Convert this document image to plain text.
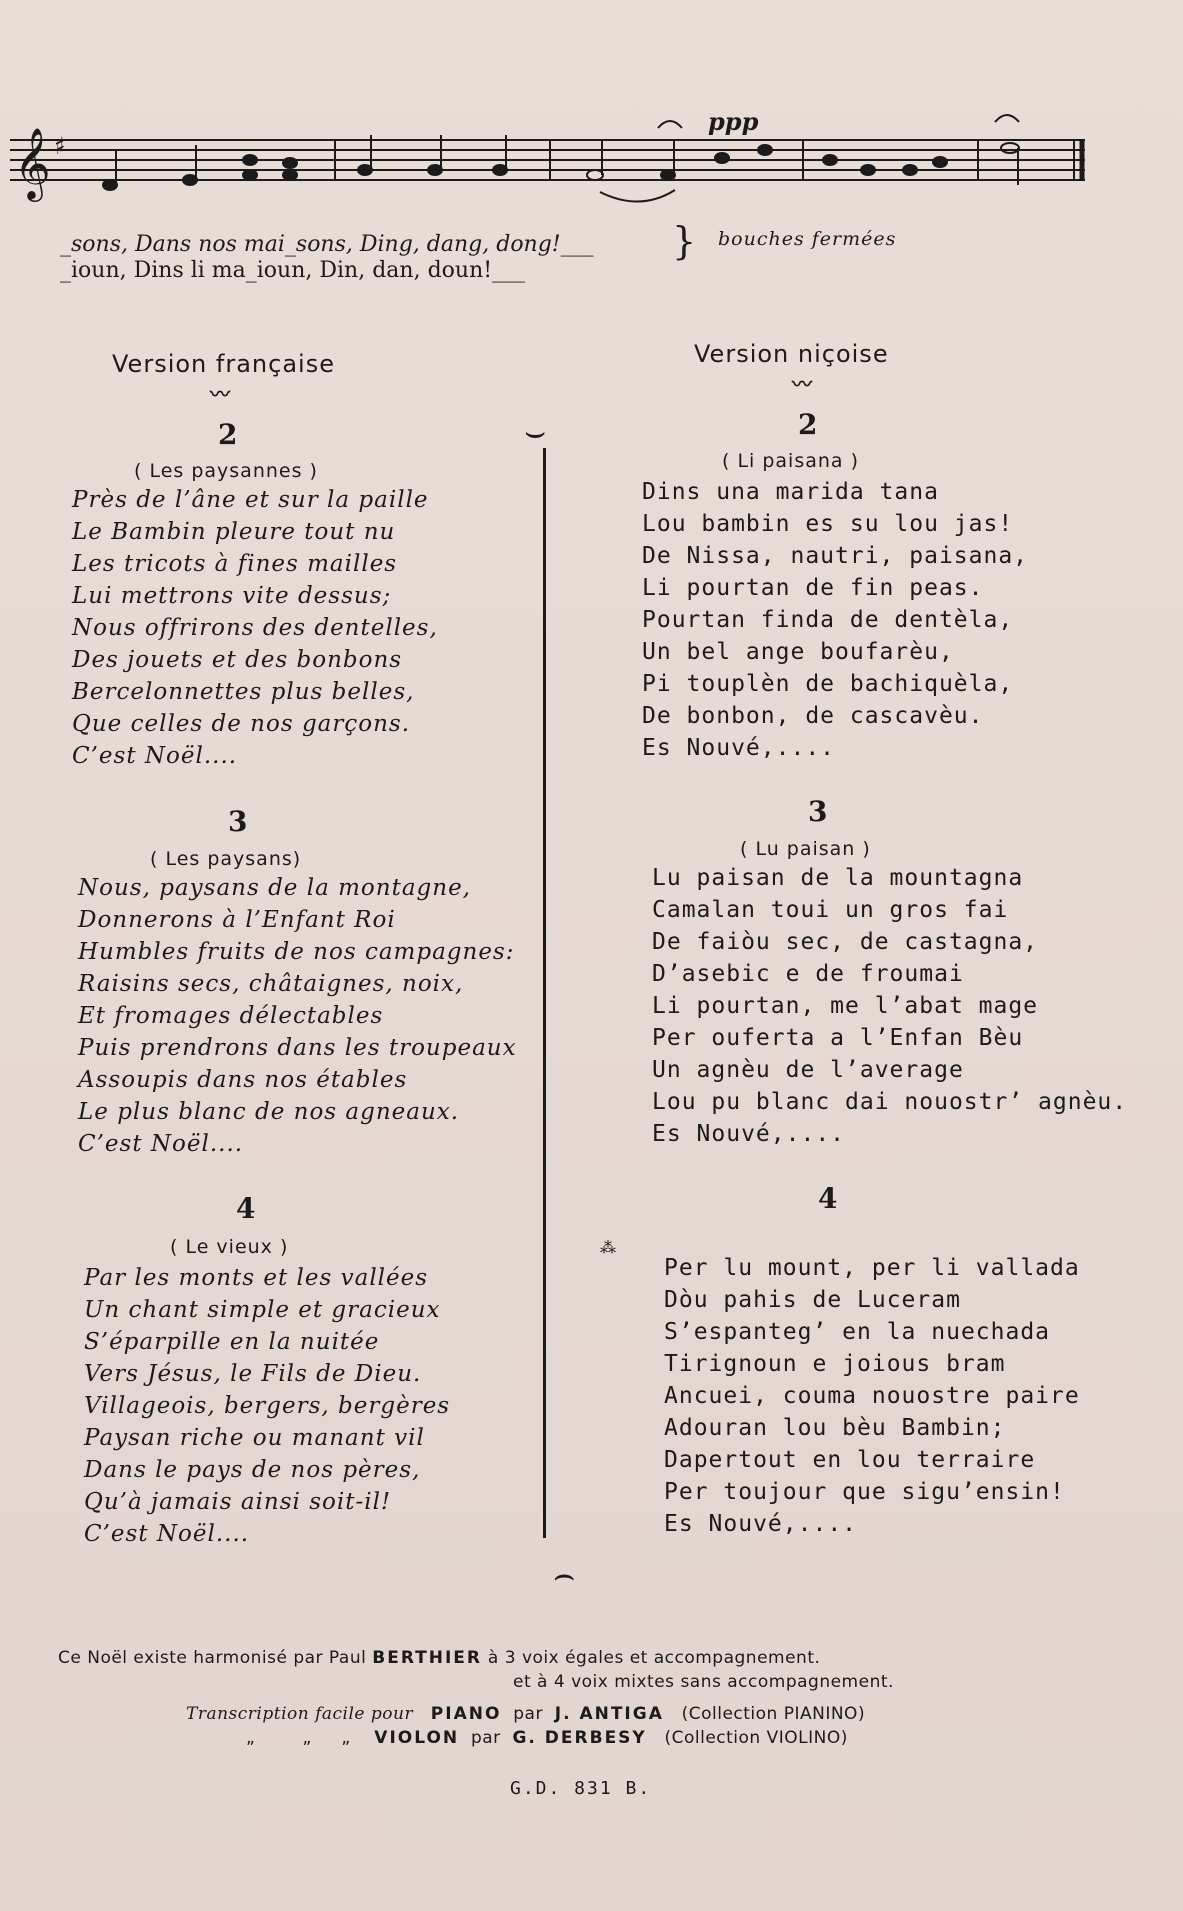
𝄞 ♯
ppp
_sons, Dans nos mai_sons, Ding, dang, dong!___
_ioun, Dins li ma_ioun, Din, dan, doun!___
} bouches fermées
Version française
〰
Version niçoise
〰
⌣
⌢
⁂
2
( Les paysannes )
Près de l’âne et sur la paille
Le Bambin pleure tout nu
Les tricots à fines mailles
Lui mettrons vite dessus;
Nous offrirons des dentelles,
Des jouets et des bonbons
Bercelonnettes plus belles,
Que celles de nos garçons.
C’est Noël....
3
( Les paysans)
Nous, paysans de la montagne,
Donnerons à l’Enfant Roi
Humbles fruits de nos campagnes:
Raisins secs, châtaignes, noix,
Et fromages délectables
Puis prendrons dans les troupeaux
Assoupis dans nos étables
Le plus blanc de nos agneaux.
C’est Noël....
4
( Le vieux )
Par les monts et les vallées
Un chant simple et gracieux
S’éparpille en la nuitée
Vers Jésus, le Fils de Dieu.
Villageois, bergers, bergères
Paysan riche ou manant vil
Dans le pays de nos pères,
Qu’à jamais ainsi soit-il!
C’est Noël....
2
( Li paisana )
Dins una marida tana
Lou bambin es su lou jas!
De Nissa, nautri, paisana,
Li pourtan de fin peas.
Pourtan finda de dentèla,
Un bel ange boufarèu,
Pi touplèn de bachiquèla,
De bonbon, de cascavèu.
Es Nouvé,....
3
( Lu paisan )
Lu paisan de la mountagna
Camalan toui un gros fai
De faiòu sec, de castagna,
D’asebic e de froumai
Li pourtan, me l’abat mage
Per ouferta a l’Enfan Bèu
Un agnèu de l’average
Lou pu blanc dai nouostr’ agnèu.
Es Nouvé,....
4
Per lu mount, per li vallada
Dòu pahis de Luceram
S’espanteg’ en la nuechada
Tirignoun e joious bram
Ancuei, couma nouostre paire
Adouran lou bèu Bambin;
Dapertout en lou terraire
Per toujour que sigu’ensin!
Es Nouvé,....
Ce Noël existe harmonisé par Paul BERTHIER à 3 voix égales et accompagnement.
et à 4 voix mixtes sans accompagnement.
Transcription facile pour PIANO par J. ANTIGA (Collection PIANINO)
„        „     „ VIOLON par G. DERBESY (Collection VIOLINO)
G.D. 831 B.
